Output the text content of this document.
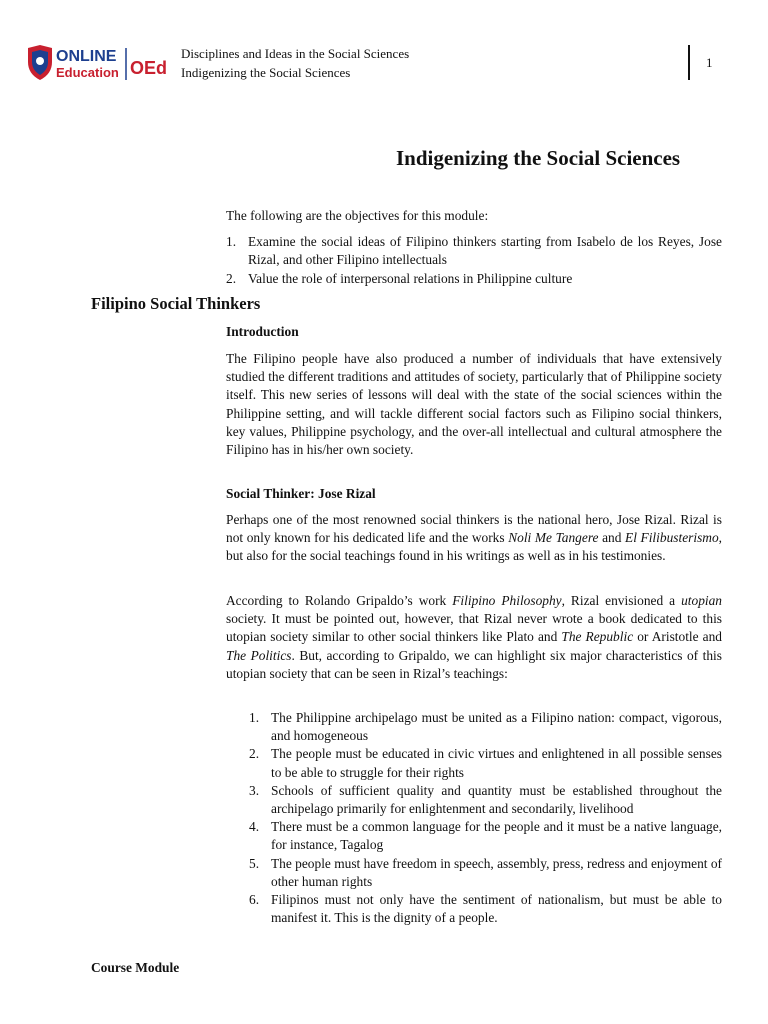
ONLINE
Education OEd
Disciplines and Ideas in the Social Sciences
Indigenizing the Social Sciences
1
Indigenizing the Social Sciences
The following are the objectives for this module:
1. Examine the social ideas of Filipino thinkers starting from Isabelo de los Reyes, Jose Rizal, and other Filipino intellectuals
2. Value the role of interpersonal relations in Philippine culture
Filipino Social Thinkers
Introduction
The Filipino people have also produced a number of individuals that have extensively studied the different traditions and attitudes of society, particularly that of Philippine society itself. This new series of lessons will deal with the state of the social sciences within the Philippine setting, and will tackle different social factors such as Filipino social thinkers, key values, Philippine psychology, and the over-all intellectual and cultural atmosphere the Filipino has in his/her own society.
Social Thinker: Jose Rizal
Perhaps one of the most renowned social thinkers is the national hero, Jose Rizal. Rizal is not only known for his dedicated life and the works Noli Me Tangere and El Filibusterismo, but also for the social teachings found in his writings as well as in his testimonies.
According to Rolando Gripaldo’s work Filipino Philosophy, Rizal envisioned a utopian society. It must be pointed out, however, that Rizal never wrote a book dedicated to this utopian society similar to other social thinkers like Plato and The Republic or Aristotle and The Politics. But, according to Gripaldo, we can highlight six major characteristics of this utopian society that can be seen in Rizal’s teachings:
1. The Philippine archipelago must be united as a Filipino nation: compact, vigorous, and homogeneous
2. The people must be educated in civic virtues and enlightened in all possible senses to be able to struggle for their rights
3. Schools of sufficient quality and quantity must be established throughout the archipelago primarily for enlightenment and secondarily, livelihood
4. There must be a common language for the people and it must be a native language, for instance, Tagalog
5. The people must have freedom in speech, assembly, press, redress and enjoyment of other human rights
6. Filipinos must not only have the sentiment of nationalism, but must be able to manifest it. This is the dignity of a people.
Course Module
